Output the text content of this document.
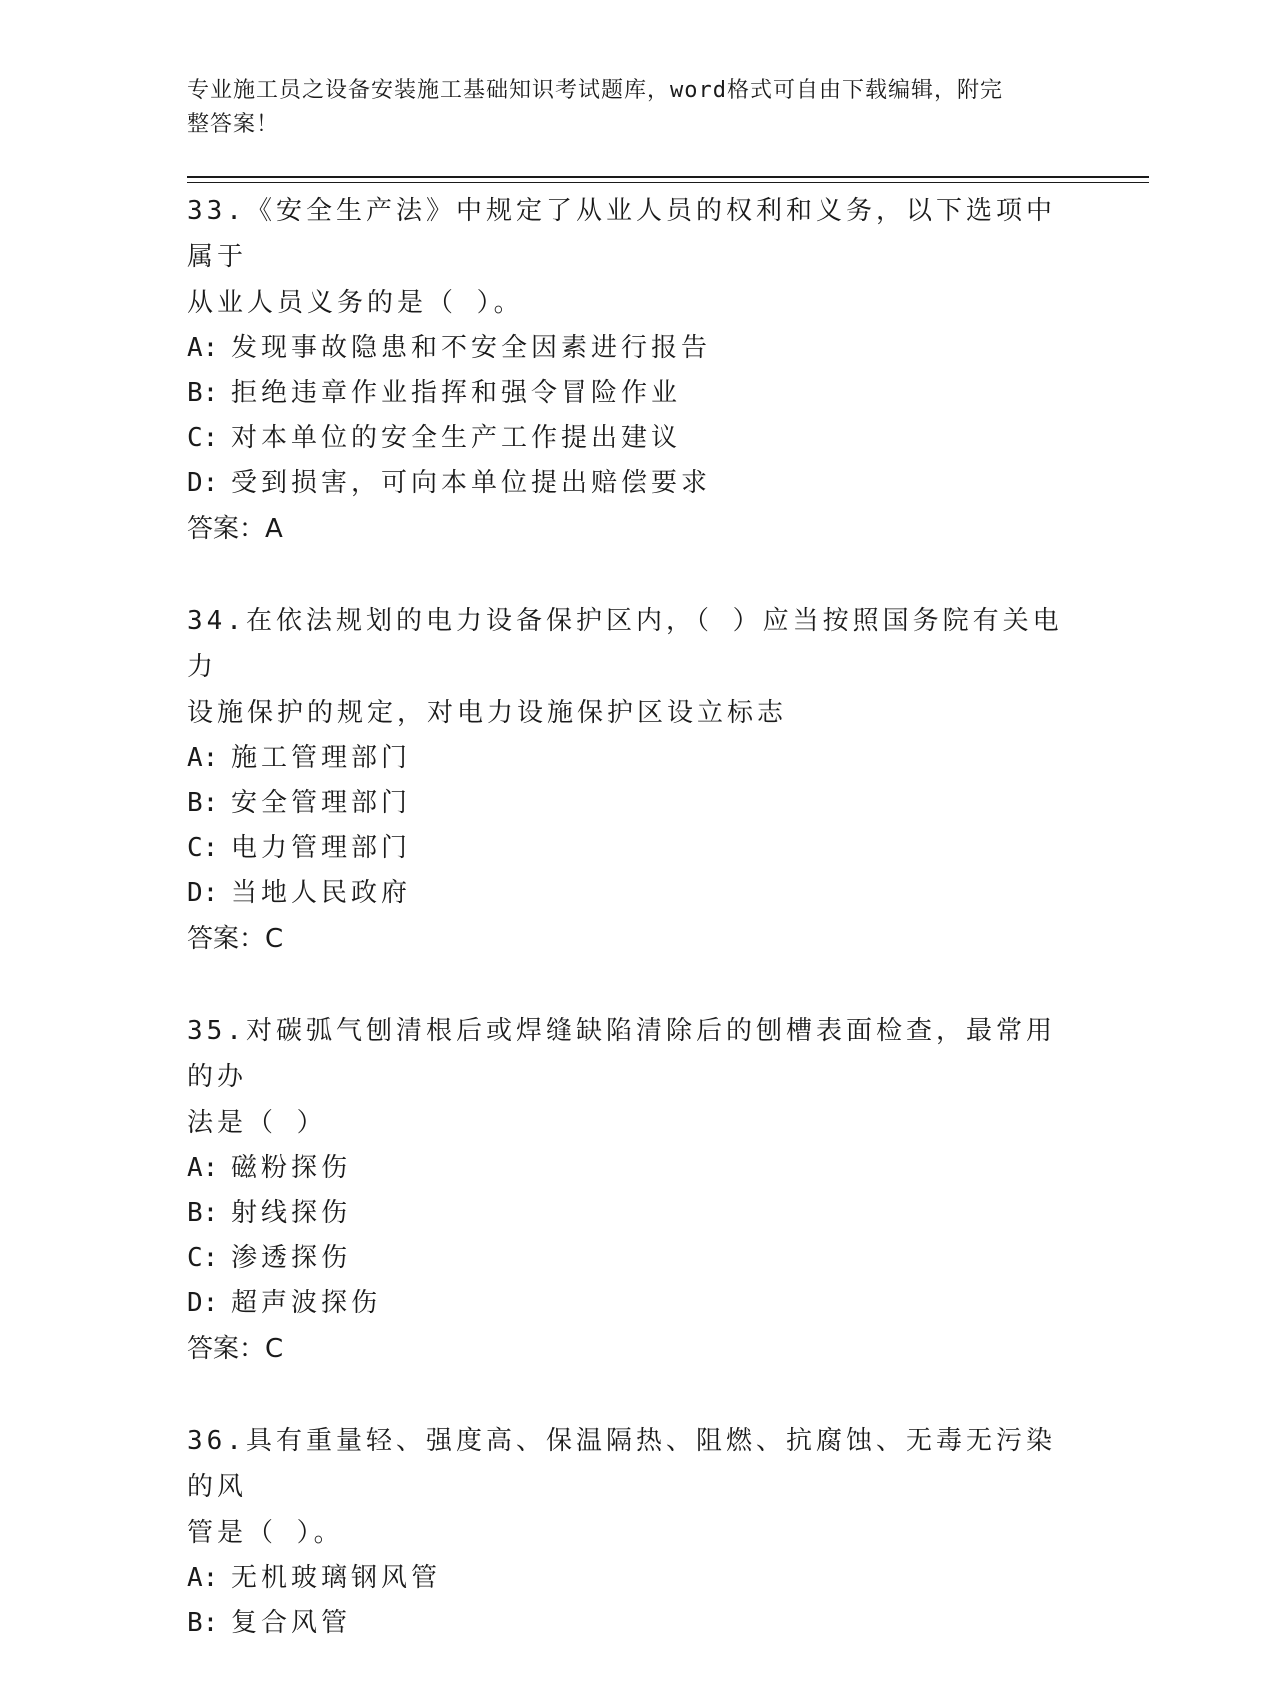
专业施工员之设备安装施工基础知识考试题库，word格式可自由下载编辑，附完
整答案！

33.《安全生产法》中规定了从业人员的权利和义务，以下选项中属于

从业人员义务的是（ ）。

A: 发现事故隐患和不安全因素进行报告

B: 拒绝违章作业指挥和强令冒险作业

C: 对本单位的安全生产工作提出建议

D: 受到损害，可向本单位提出赔偿要求

答案：A

34.在依法规划的电力设备保护区内，（ ）应当按照国务院有关电力

设施保护的规定，对电力设施保护区设立标志

A: 施工管理部门

B: 安全管理部门

C: 电力管理部门

D: 当地人民政府

答案：C

35.对碳弧气刨清根后或焊缝缺陷清除后的刨槽表面检查，最常用的办

法是（ ）

A: 磁粉探伤

B: 射线探伤

C: 渗透探伤

D: 超声波探伤

答案：C

36.具有重量轻、强度高、保温隔热、阻燃、抗腐蚀、无毒无污染的风

管是（ ）。

A: 无机玻璃钢风管

B: 复合风管
